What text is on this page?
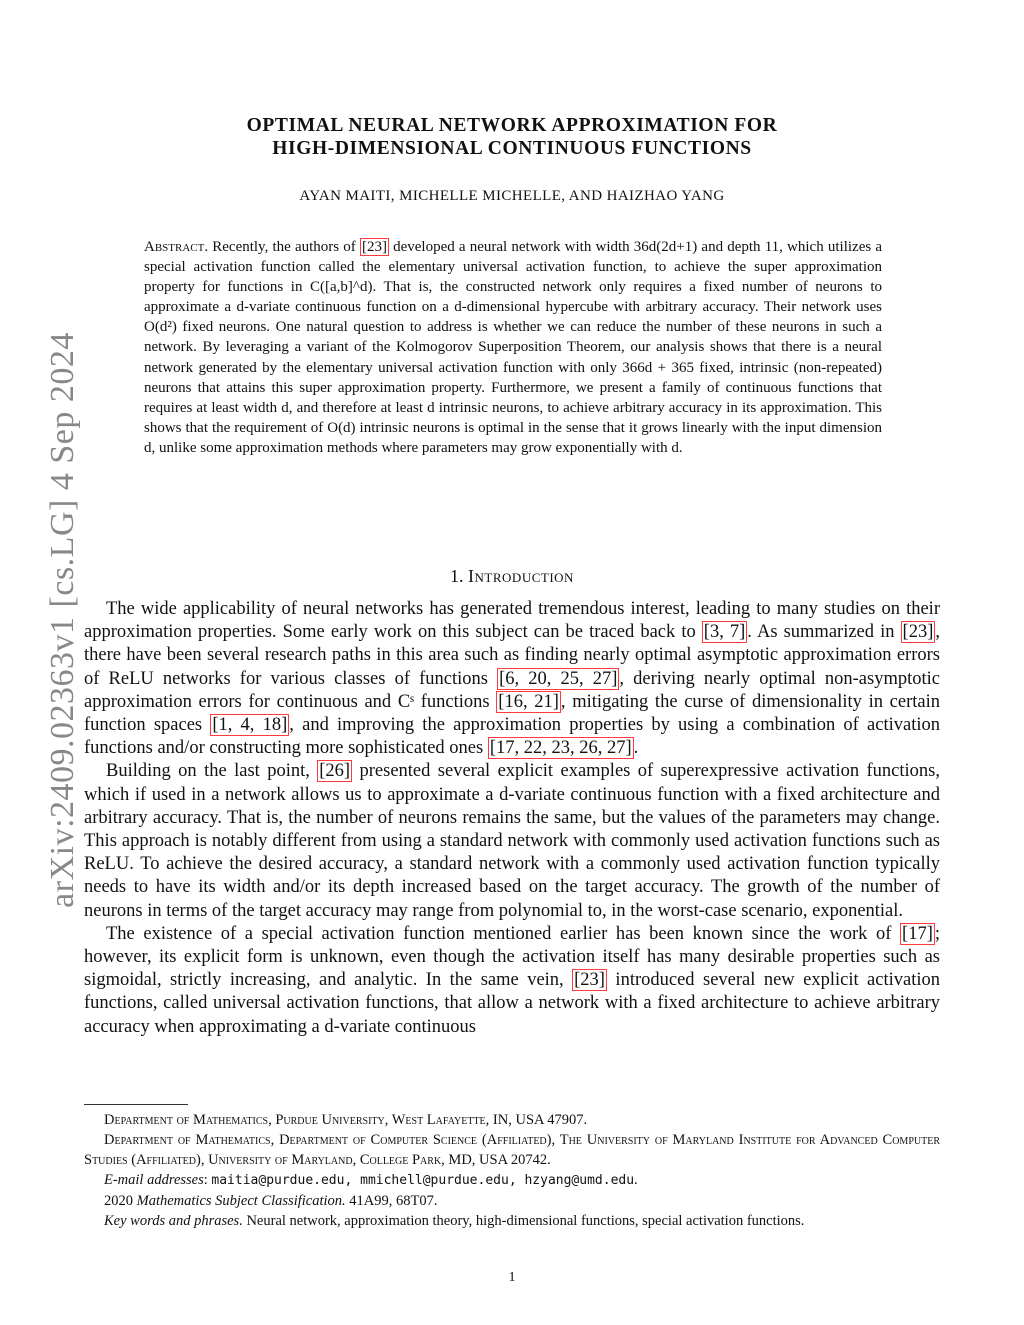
arXiv:2409.02363v1 [cs.LG] 4 Sep 2024
OPTIMAL NEURAL NETWORK APPROXIMATION FOR
HIGH-DIMENSIONAL CONTINUOUS FUNCTIONS
AYAN MAITI, MICHELLE MICHELLE, AND HAIZHAO YANG
Abstract. Recently, the authors of [23] developed a neural network with width 36d(2d+1) and depth 11, which utilizes a special activation function called the elementary universal activation function, to achieve the super approximation property for functions in C([a,b]^d). That is, the constructed network only requires a fixed number of neurons to approximate a d-variate continuous function on a d-dimensional hypercube with arbitrary accuracy. Their network uses O(d²) fixed neurons. One natural question to address is whether we can reduce the number of these neurons in such a network. By leveraging a variant of the Kolmogorov Superposition Theorem, our analysis shows that there is a neural network generated by the elementary universal activation function with only 366d + 365 fixed, intrinsic (non-repeated) neurons that attains this super approximation property. Furthermore, we present a family of continuous functions that requires at least width d, and therefore at least d intrinsic neurons, to achieve arbitrary accuracy in its approximation. This shows that the requirement of O(d) intrinsic neurons is optimal in the sense that it grows linearly with the input dimension d, unlike some approximation methods where parameters may grow exponentially with d.
1. Introduction

The wide applicability of neural networks has generated tremendous interest, leading to many studies on their approximation properties. Some early work on this subject can be traced back to [3, 7] . As summarized in [23] , there have been several research paths in this area such as finding nearly optimal asymptotic approximation errors of ReLU networks for various classes of functions [6, 20, 25, 27] , deriving nearly optimal non-asymptotic approximation errors for continuous and Cˢ functions [16, 21] , mitigating the curse of dimensionality in certain function spaces [1, 4, 18] , and improving the approximation properties by using a combination of activation functions and/or constructing more sophisticated ones [17, 22, 23, 26, 27] .

Building on the last point, [26] presented several explicit examples of superexpressive activation functions, which if used in a network allows us to approximate a d-variate continuous function with a fixed architecture and arbitrary accuracy. That is, the number of neurons remains the same, but the values of the parameters may change. This approach is notably different from using a standard network with commonly used activation functions such as ReLU. To achieve the desired accuracy, a standard network with a commonly used activation function typically needs to have its width and/or its depth increased based on the target accuracy. The growth of the number of neurons in terms of the target accuracy may range from polynomial to, in the worst-case scenario, exponential.

The existence of a special activation function mentioned earlier has been known since the work of [17] ; however, its explicit form is unknown, even though the activation itself has many desirable properties such as sigmoidal, strictly increasing, and analytic. In the same vein, [23] introduced several new explicit activation functions, called universal activation functions, that allow a network with a fixed architecture to achieve arbitrary accuracy when approximating a d-variate continuous

Department of Mathematics, Purdue University, West Lafayette, IN, USA 47907.

Department of Mathematics, Department of Computer Science (Affiliated), The University of Maryland Institute for Advanced Computer Studies (Affiliated), University of Maryland, College Park, MD, USA 20742.

E-mail addresses: maitia@purdue.edu, mmichell@purdue.edu, hzyang@umd.edu.

2020 Mathematics Subject Classification. 41A99, 68T07.

Key words and phrases. Neural network, approximation theory, high-dimensional functions, special activation functions.

1
